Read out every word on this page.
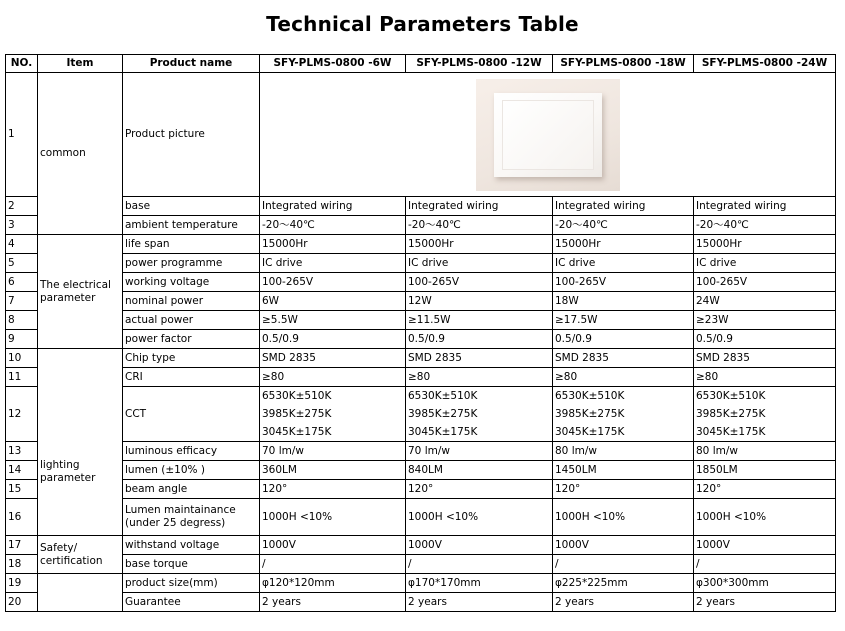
Technical Parameters Table
NO.	Item	Product name	SFY-PLMS-0800 -6W	SFY-PLMS-0800 -12W	SFY-PLMS-0800 -18W	SFY-PLMS-0800 -24W
1	common	Product picture				

2		base	Integrated wiring	Integrated wiring	Integrated wiring	Integrated wiring
3		ambient temperature	-20～40℃	-20～40℃	-20～40℃	-20～40℃
4	The electrical parameter	life span	15000Hr	15000Hr	15000Hr	15000Hr
5		power programme	IC drive	IC drive	IC drive	IC drive
6		working voltage	100-265V	100-265V	100-265V	100-265V
7		nominal power	6W	12W	18W	24W
8		actual power	≥5.5W	≥11.5W	≥17.5W	≥23W
9		power factor	0.5/0.9	0.5/0.9	0.5/0.9	0.5/0.9
10	lighting parameter	Chip type	SMD 2835	SMD 2835	SMD 2835	SMD 2835
11		CRI	≥80	≥80	≥80	≥80
12		CCT	6530K±510K
3985K±275K
3045K±175K	6530K±510K
3985K±275K
3045K±175K	6530K±510K
3985K±275K
3045K±175K	6530K±510K
3985K±275K
3045K±175K

13		luminous efficacy	70 lm/w	70 lm/w	80 lm/w	80 lm/w
14		lumen (±10% )	360LM	840LM	1450LM	1850LM
15		beam angle	120°	120°	120°	120°
16		Lumen maintainance (under 25 degress)	1000H <10%	1000H <10%	1000H <10%	1000H <10%
17	Safety/ certification	withstand voltage	1000V	1000V	1000V	1000V
18		base torque	/	/	/	/
19		product size(mm)	φ120*120mm	φ170*170mm	φ225*225mm	φ300*300mm
20		Guarantee	2 years	2 years	2 years	2 years
